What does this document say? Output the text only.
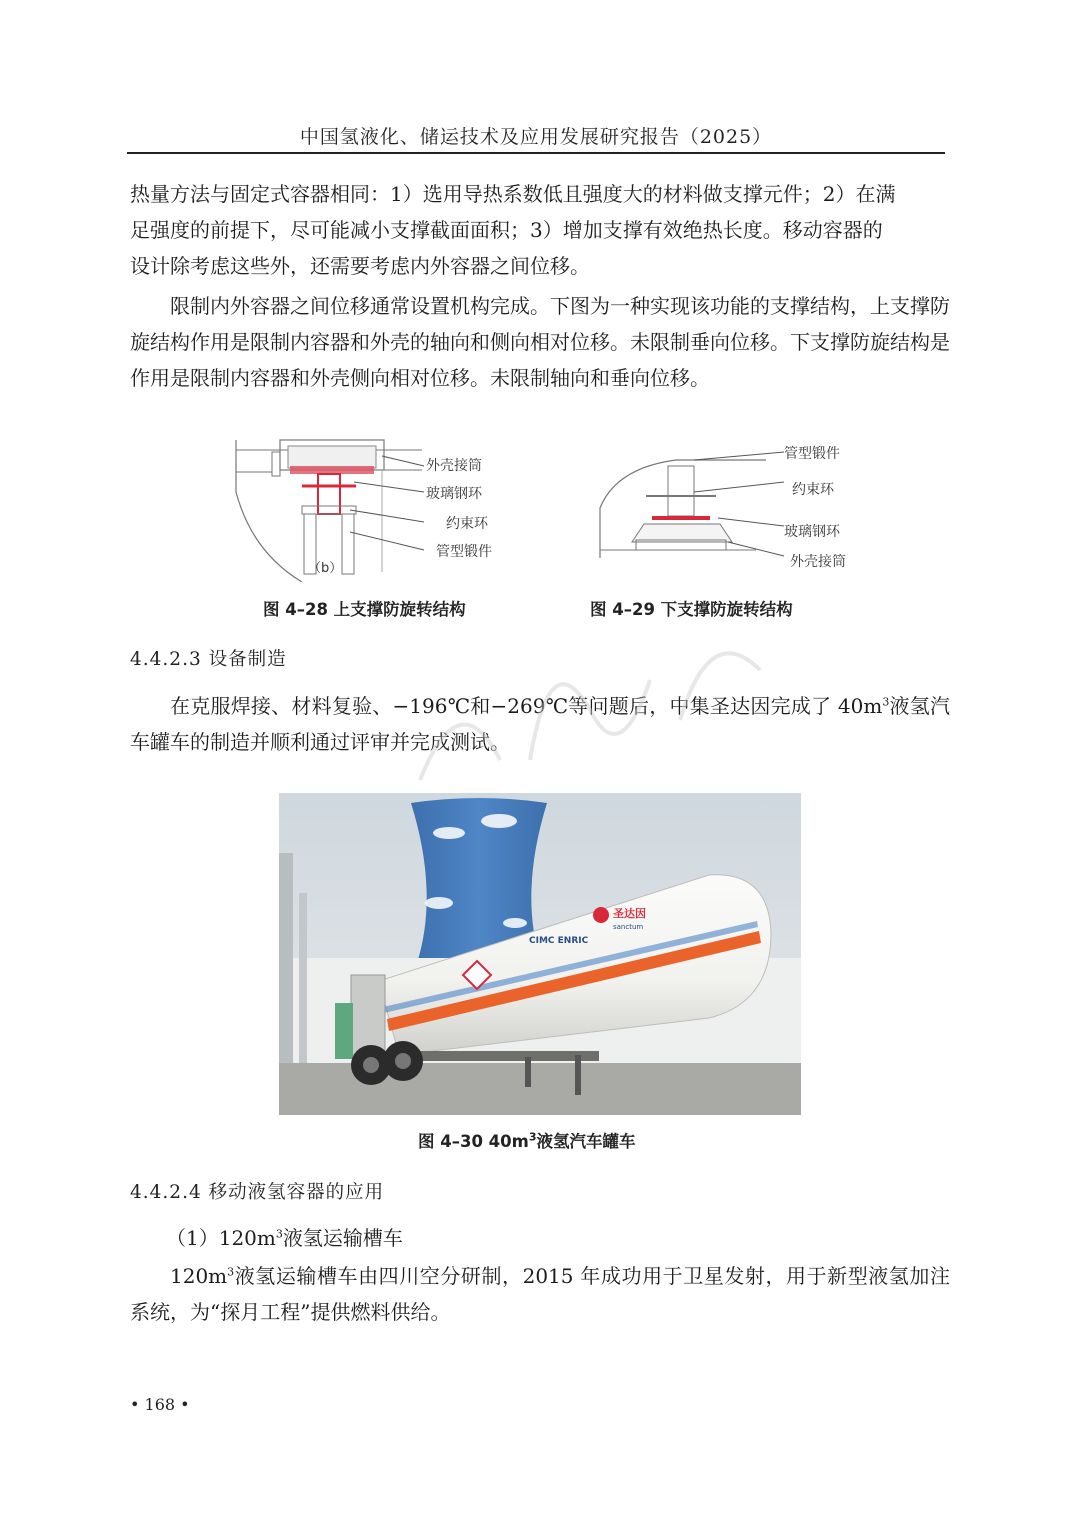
中国氢液化、储运技术及应用发展研究报告（2025）
热量方法与固定式容器相同：1）选用导热系数低且强度大的材料做支撑元件；2）在满
足强度的前提下，尽可能减小支撑截面面积；3）增加支撑有效绝热长度。移动容器的
设计除考虑这些外，还需要考虑内外容器之间位移。

限制内外容器之间位移通常设置机构完成。下图为一种实现该功能的支撑结构，上支撑防旋结构作用是限制内容器和外壳的轴向和侧向相对位移。未限制垂向位移。下支撑防旋结构是作用是限制内容器和外壳侧向相对位移。未限制轴向和垂向位移。

外壳接筒
玻璃钢环
约束环
管型锻件
（b）
图 4–28 上支撑防旋转结构
管型锻件
约束环
玻璃钢环
外壳接筒
图 4–29 下支撑防旋转结构
4.4.2.3 设备制造

在克服焊接、材料复验、−196℃和−269℃等问题后，中集圣达因完成了 $40m^3$液氢汽车罐车的制造并顺利通过评审并完成测试。

CIMC ENRIC
圣达因
sanctum
图 4–30 $40m^3$液氢汽车罐车
4.4.2.4 移动液氢容器的应用

$(1)120m^3$液氢运输槽车

$120m^3$液氢运输槽车由四川空分研制，2015 年成功用于卫星发射，用于新型液氢加注系统，为“探月工程”提供燃料供给。

• 168 •
